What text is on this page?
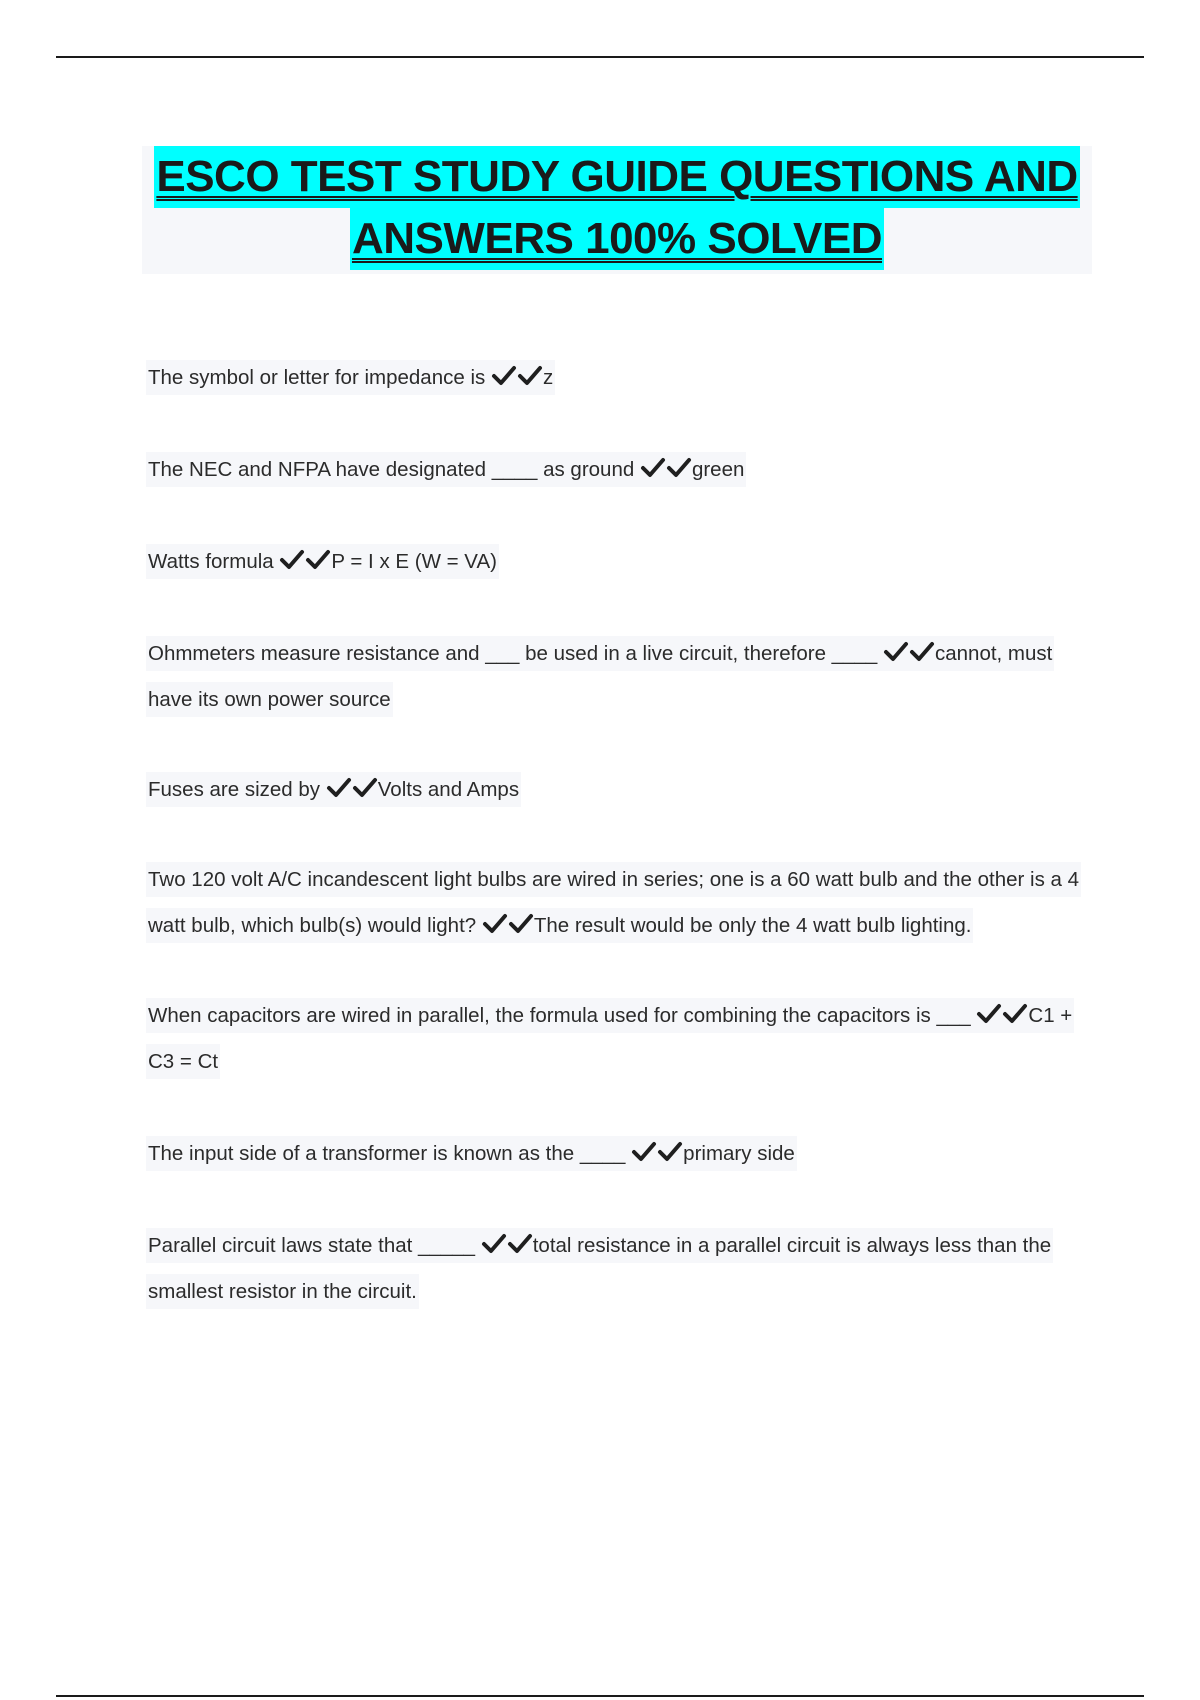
ESCO TEST STUDY GUIDE QUESTIONS AND
ANSWERS 100% SOLVED

The symbol or letter for impedance is	z

The NEC and NFPA have designated ____ as ground	green

Watts formula	P = I x E (W = VA)

Ohmmeters measure resistance and ___ be used in a live circuit, therefore ____	cannot, must have its own power source

Fuses are sized by	Volts and Amps

Two 120 volt A/C incandescent light bulbs are wired in series; one is a 60 watt bulb and the other is a 4 watt bulb, which bulb(s) would light?	The result would be only the 4 watt bulb lighting.

When capacitors are wired in parallel, the formula used for combining the capacitors is ___	C1 + C3 = Ct

The input side of a transformer is known as the ____	primary side

Parallel circuit laws state that _____	total resistance in a parallel circuit is always less than the smallest resistor in the circuit.
